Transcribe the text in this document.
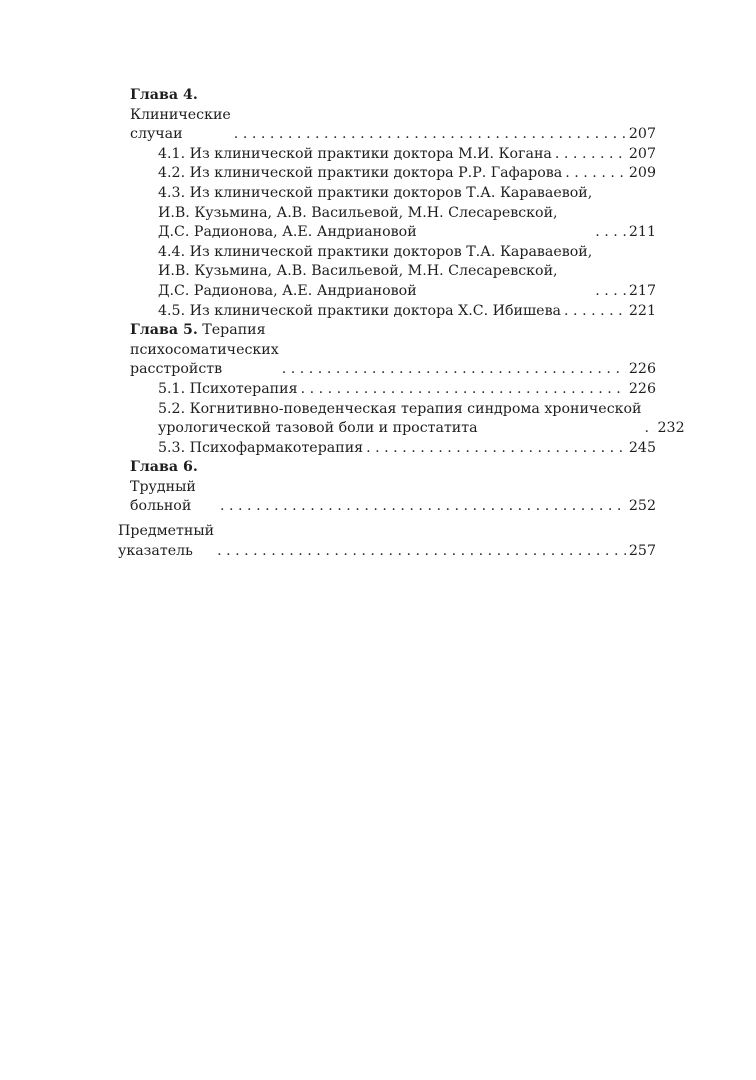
Глава 4. Клинические случаи . . .	207
4.1. Из клинической практики доктора М.И. Когана . . .	207
4.2. Из клинической практики доктора Р.Р. Гафарова . . .	209
4.3. Из клинической практики докторов Т.А. Караваевой,
И.В. Кузьмина, А.В. Васильевой, М.Н. Слесаревской,
Д.С. Радионова, А.Е. Андриановой . . .	211
4.4. Из клинической практики докторов Т.А. Караваевой,
И.В. Кузьмина, А.В. Васильевой, М.Н. Слесаревской,
Д.С. Радионова, А.Е. Андриановой . . .	217
4.5. Из клинической практики доктора Х.С. Ибишева . . .	221
Глава 5. Терапия психосоматических расстройств . . .	226
5.1. Психотерапия . . .	226
5.2. Когнитивно-поведенческая терапия синдрома хронической
урологической тазовой боли и простатита . . .	232
5.3. Психофармакотерапия . . .	245
Глава 6. Трудный больной . . .	252
Предметный указатель . . .	257
